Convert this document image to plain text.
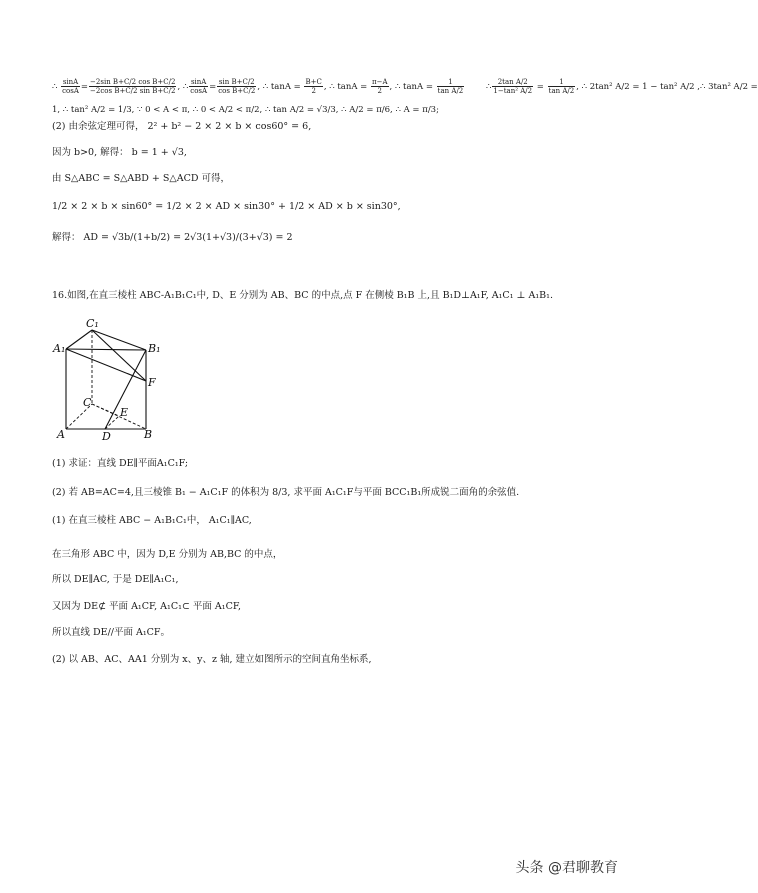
∴ $\frac{\sin A}{\cos A} = \frac{\text{−2sin B+C/2 cos B+C/2}}{\text{−2cos B+C/2 sin B+C/2}}$ , ∴ $\frac{\sin A}{\cos A} = \frac{\text{sin B+C/2}}{\text{cos B+C/2}}$ , ∴ $\tan A = \frac{B+C}{2}$ , ∴ $\tan A = \frac{\pi-A}{2}$ , ∴ $\tan A = \frac{1}{\text{tan A/2}}$	∴ $\frac{\text{2tan A/2}}{\text{1−tan² A/2}} = \frac{1}{\text{tan A/2}}$ , ∴ 2tan² A/2 = 1 − tan² A/2 ,∴ 3tan² A/2 =
1, ∴ tan² A/2 = 1/3, ∵ 0 < A < π, ∴ 0 < A/2 < π/2, ∴ tan A/2 = √3/3, ∴ A/2 = π/6, ∴ A = π/3;
(2) 由余弦定理可得， 2² + b² − 2 × 2 × b × cos60° = 6,
因为 b>0, 解得： b = 1 + √3,
由 S△ABC = S△ABD + S△ACD 可得，
1/2 × 2 × b × sin60° = 1/2 × 2 × AD × sin30° + 1/2 × AD × b × sin30°,
解得： AD = √3b/(1+b/2) = 2√3(1+√3)/(3+√3) = 2
16.如图,在直三棱柱 ABC-A₁B₁C₁中, D、E 分别为 AB、BC 的中点,点 F 在侧棱 B₁B 上,且 B₁D⊥A₁F, A₁C₁ ⊥ A₁B₁.
C₁
A₁	B₁
F
C
E
A	D	B
(1) 求证：直线 DE∥平面A₁C₁F;
(2) 若 AB=AC=4,且三棱锥 B₁ − A₁C₁F 的体积为 8/3, 求平面 A₁C₁F与平面 BCC₁B₁所成锐二面角的余弦值.
(1) 在直三棱柱 ABC − A₁B₁C₁中， A₁C₁∥AC,
在三角形 ABC 中，因为 D,E 分别为 AB,BC 的中点，
所以 DE∥AC, 于是 DE∥A₁C₁,
又因为 DE⊄ 平面 A₁CF, A₁C₁⊂ 平面 A₁CF,
所以直线 DE//平面 A₁CF。
(2) 以 AB、AC、AA1 分别为 x、y、z 轴, 建立如图所示的空间直角坐标系,
头条 @君聊教育
